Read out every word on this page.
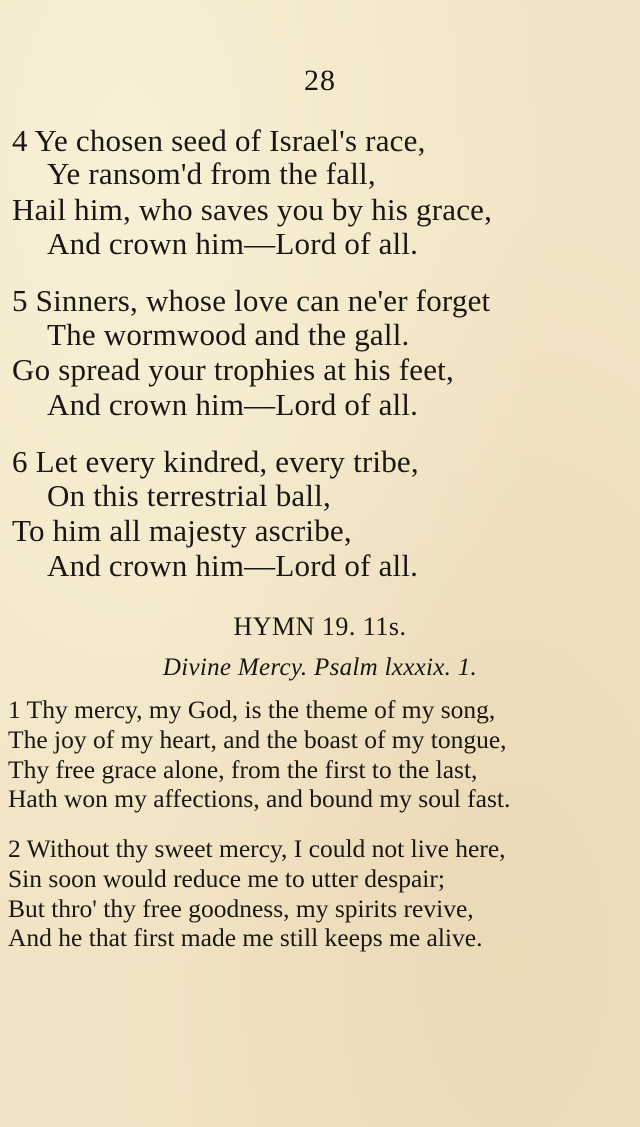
28
4 Ye chosen seed of Israel's race,
Ye ransom'd from the fall,
Hail him, who saves you by his grace,
And crown him—Lord of all.
5 Sinners, whose love can ne'er forget
The wormwood and the gall.
Go spread your trophies at his feet,
And crown him—Lord of all.
6 Let every kindred, every tribe,
On this terrestrial ball,
To him all majesty ascribe,
And crown him—Lord of all.
HYMN 19. 11s.
Divine Mercy. Psalm lxxxix. 1.
1 Thy mercy, my God, is the theme of my song,
The joy of my heart, and the boast of my tongue,
Thy free grace alone, from the first to the last,
Hath won my affections, and bound my soul fast.
2 Without thy sweet mercy, I could not live here,
Sin soon would reduce me to utter despair;
But thro' thy free goodness, my spirits revive,
And he that first made me still keeps me alive.
